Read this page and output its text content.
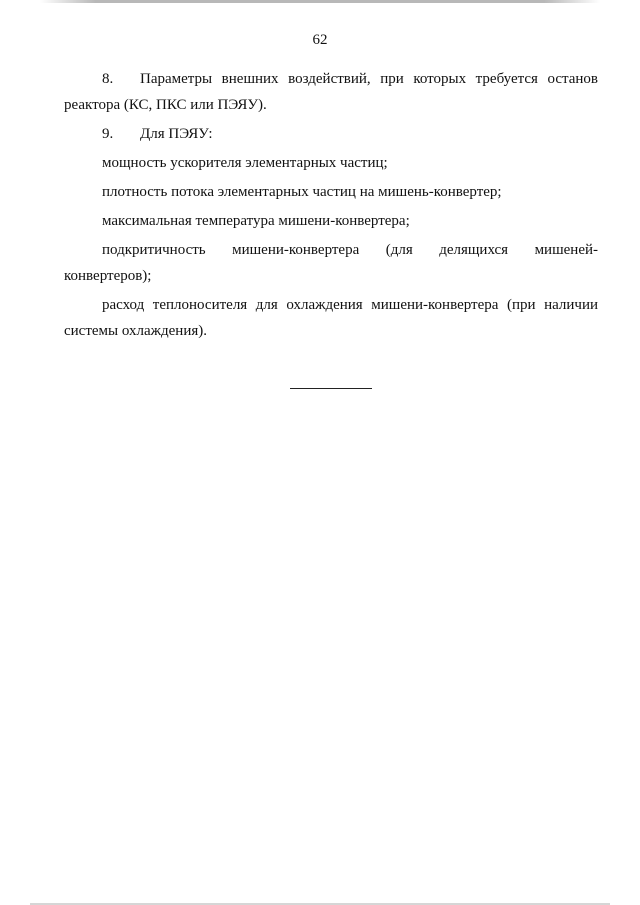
62

8. Параметры внешних воздействий, при которых требуется останов реактора (КС, ПКС или ПЭЯУ).

9. Для ПЭЯУ:

мощность ускорителя элементарных частиц;

плотность потока элементарных частиц на мишень-конвертер;

максимальная температура мишени-конвертера;

подкритичность мишени-конвертера (для делящихся мишеней-

конвертеров);

расход теплоносителя для охлаждения мишени-конвертера (при наличии системы охлаждения).
